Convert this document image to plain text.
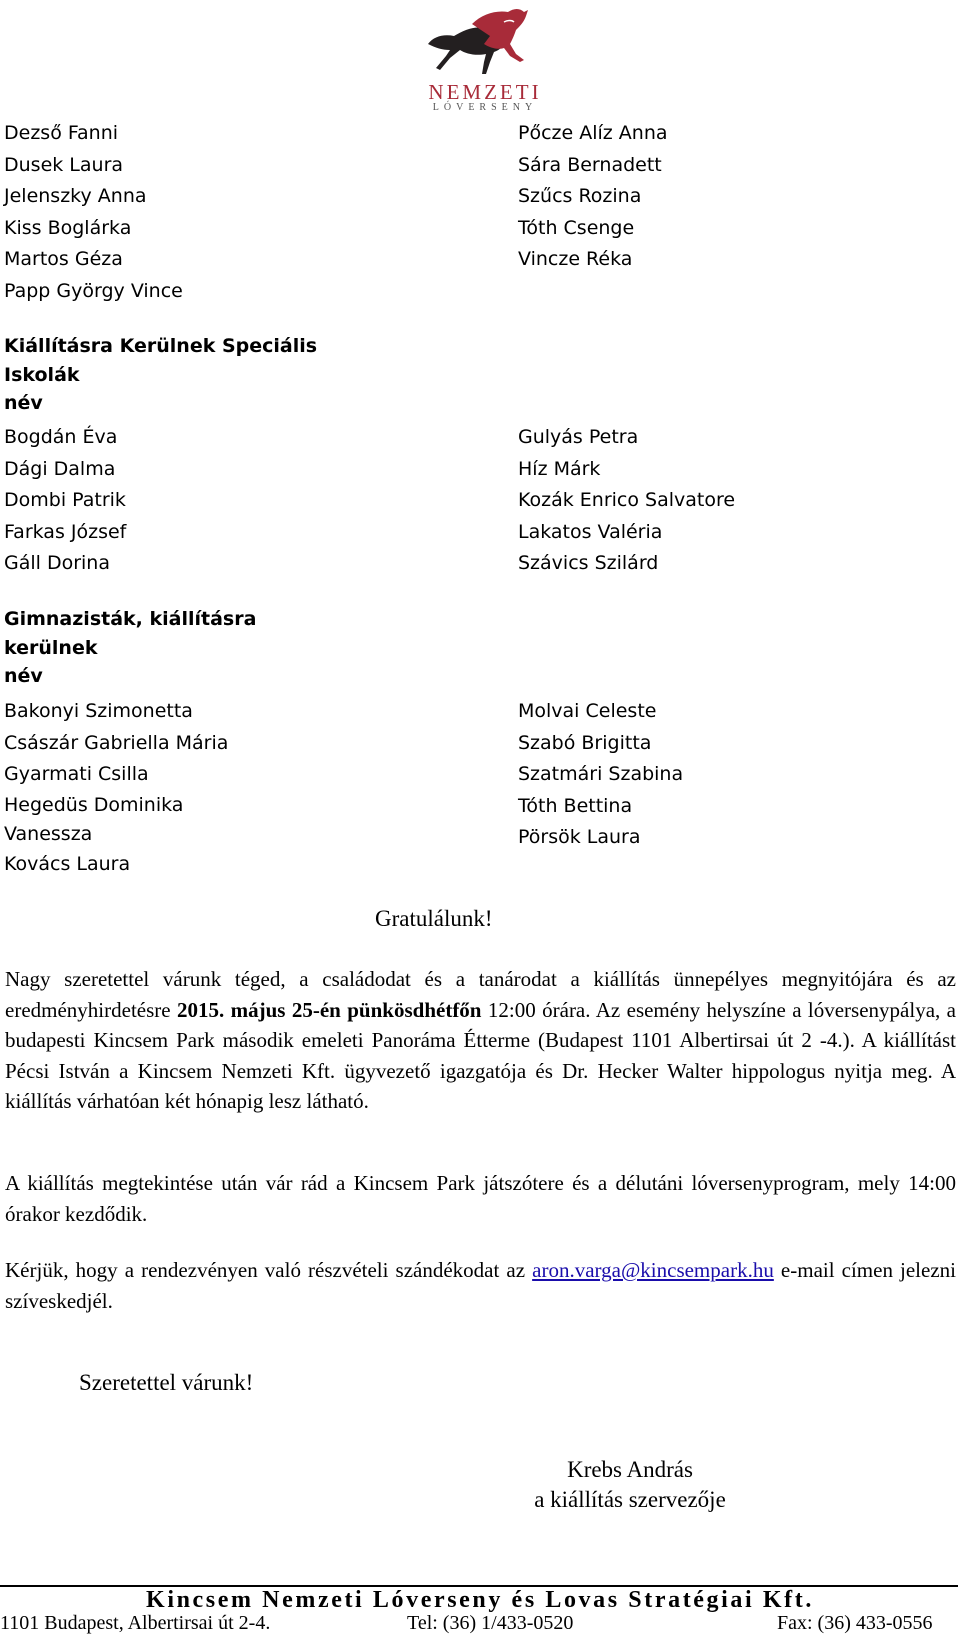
NEMZETI
LÓVERSENY
Dezső Fanni
Dusek Laura
Jelenszky Anna
Kiss Boglárka
Martos Géza
Papp György Vince
Pőcze Alíz Anna
Sára Bernadett
Szűcs Rozina
Tóth Csenge
Vincze Réka
Kiállításra Kerülnek Speciális
Iskolák
név
Bogdán Éva
Dági Dalma
Dombi Patrik
Farkas József
Gáll Dorina
Gulyás Petra
Híz Márk
Kozák Enrico Salvatore
Lakatos Valéria
Szávics Szilárd
Gimnazisták, kiállításra
kerülnek
név
Bakonyi Szimonetta
Császár Gabriella Mária
Gyarmati Csilla
Hegedüs Dominika
Vanessza
Kovács Laura
Molvai Celeste
Szabó Brigitta
Szatmári Szabina
Tóth Bettina
Pörsök Laura
Gratulálunk!

Nagy szeretettel várunk téged, a családodat és a tanárodat a kiállítás ünnepélyes megnyitójára és az eredményhirdetésre 2015. május 25-én pünkösdhétfőn 12:00 órára. Az esemény helyszíne a lóversenypálya, a budapesti Kincsem Park második emeleti Panoráma Étterme (Budapest 1101 Albertirsai út 2 -4.). A kiállítást Pécsi István a Kincsem Nemzeti Kft. ügyvezető igazgatója és Dr. Hecker Walter hippologus nyitja meg. A kiállítás várhatóan két hónapig lesz látható.

A kiállítás megtekintése után vár rád a Kincsem Park játszótere és a délutáni lóversenyprogram, mely 14:00 órakor kezdődik.

Kérjük, hogy a rendezvényen való részvételi szándékodat az aron.varga@kincsempark.hu e-mail címen jelezni szíveskedjél.

Szeretettel várunk!
Krebs András
a kiállítás szervezője
Kincsem Nemzeti Lóverseny és Lovas Stratégiai Kft.
1101 Budapest, Albertirsai út 2-4.	Tel: (36) 1/433-0520	Fax: (36) 433-0556
